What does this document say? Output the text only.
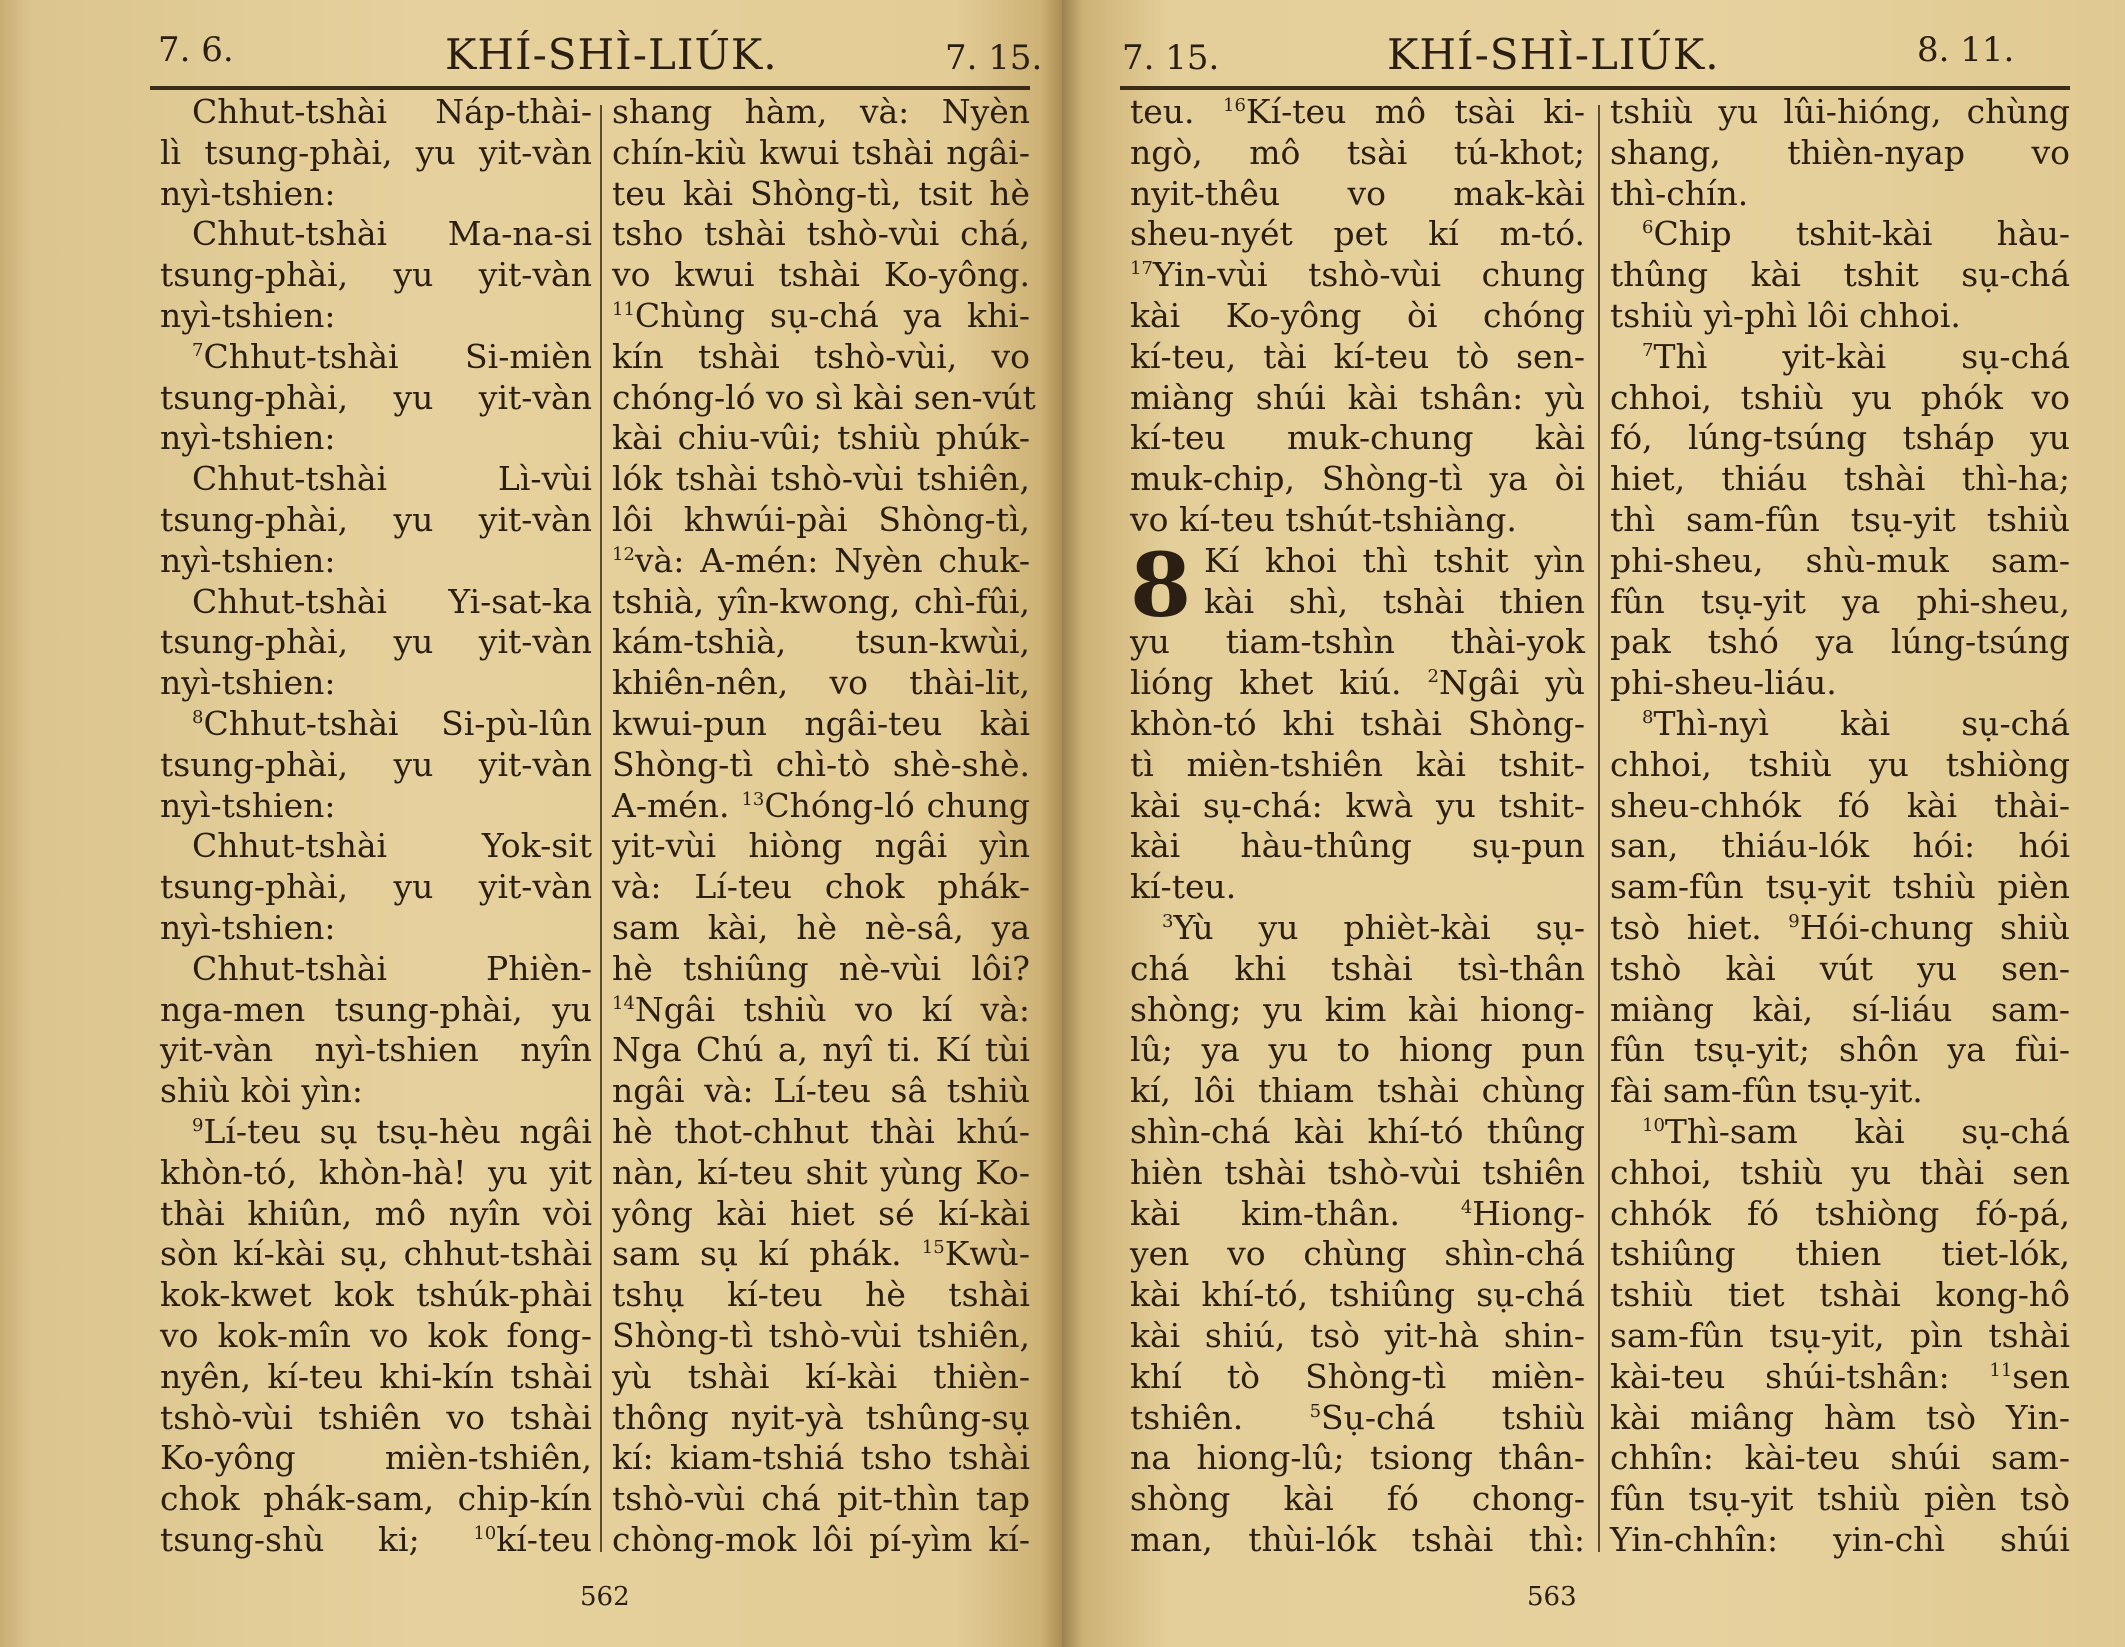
7. 6.	KHÍ-SHÌ-LIÚK.	7. 15.
Chhut-tshài Náp-thài-
lì tsung-phài, yu yit-vàn
nyì-tshien:
Chhut-tshài Ma-na-si
tsung-phài, yu yit-vàn
nyì-tshien:
$^7$Chhut-tshài Si-mièn
tsung-phài, yu yit-vàn
nyì-tshien:
Chhut-tshài Lì-vùi
tsung-phài, yu yit-vàn
nyì-tshien:
Chhut-tshài Yi-sat-ka
tsung-phài, yu yit-vàn
nyì-tshien:
$^8$Chhut-tshài Si-pù-lûn
tsung-phài, yu yit-vàn
nyì-tshien:
Chhut-tshài Yok-sit
tsung-phài, yu yit-vàn
nyì-tshien:
Chhut-tshài Phièn-
nga-men tsung-phài, yu
yit-vàn nyì-tshien nyîn
shiù kòi yìn:
$^9$Lí-teu sụ tsụ-hèu ngâi
khòn-tó, khòn-hà! yu yit
thài khiûn, mô nyîn vòi
sòn kí-kài sụ, chhut-tshài
kok-kwet kok tshúk-phài
vo kok-mîn vo kok fong-
nyên, kí-teu khi-kín tshài
tshò-vùi tshiên vo tshài
Ko-yông mièn-tshiên,
chok phák-sam, chip-kín
tsung-shù ki;	$^{10}$kí-teu
shang hàm, và: Nyèn
chín-kiù kwui tshài ngâi-
teu kài Shòng-tì, tsit hè
tsho tshài tshò-vùi chá,
vo kwui tshài Ko-yông.
$^{11}$Chùng sụ-chá ya khi-
kín tshài tshò-vùi, vo
chóng-ló vo sì kài sen-vút
kài chiu-vûi; tshiù phúk-
lók tshài tshò-vùi tshiên,
lôi khwúi-pài Shòng-tì,
$^{12}$và: A-mén: Nyèn chuk-
tshià, yîn-kwong, chì-fûi,
kám-tshià, tsun-kwùi,
khiên-nên, vo thài-lit,
kwui-pun ngâi-teu kài
Shòng-tì chì-tò shè-shè.
A-mén. $^{13}$Chóng-ló chung
yit-vùi hiòng ngâi yìn
và: Lí-teu chok phák-
sam kài, hè nè-sâ, ya
hè tshiûng nè-vùi lôi?
$^{14}$Ngâi tshiù vo kí và:
Nga Chú a, nyî ti. Kí tùi
ngâi và: Lí-teu sâ tshiù
hè thot-chhut thài khú-
nàn, kí-teu shit yùng Ko-
yông kài hiet sé kí-kài
sam sụ kí phák. $^{15}$Kwù-
tshụ kí-teu hè tshài
Shòng-tì tshò-vùi tshiên,
yù tshài kí-kài thièn-
thông nyit-yà tshûng-sụ
kí: kiam-tshiá tsho tshài
tshò-vùi chá pit-thìn tap
chòng-mok lôi pí-yìm kí-
562
7. 15.	KHÍ-SHÌ-LIÚK.	8. 11.
teu. $^{16}$Kí-teu mô tsài ki-
ngò, mô tsài tú-khot;
nyit-thêu vo mak-kài
sheu-nyét pet kí m-tó.
$^{17}$Yin-vùi tshò-vùi chung
kài Ko-yông òi chóng
kí-teu, tài kí-teu tò sen-
miàng shúi kài tshân: yù
kí-teu muk-chung kài
muk-chip, Shòng-tì ya òi
vo kí-teu tshút-tshiàng.
8 Kí khoi thì tshit yìn
kài shì, tshài thien
yu tiam-tshìn thài-yok
lióng khet kiú. $^2$Ngâi yù
khòn-tó khi tshài Shòng-
tì mièn-tshiên kài tshit-
kài sụ-chá: kwà yu tshit-
kài hàu-thûng sụ-pun
kí-teu.
$^3$Yù yu phièt-kài sụ-
chá khi tshài tsì-thân
shòng; yu kim kài hiong-
lû; ya yu to hiong pun
kí, lôi thiam tshài chùng
shìn-chá kài khí-tó thûng
hièn tshài tshò-vùi tshiên
kài kim-thân.	$^4$Hiong-
yen vo chùng shìn-chá
kài khí-tó, tshiûng sụ-chá
kài shiú, tsò yit-hà shin-
khí tò Shòng-tì mièn-
tshiên.	$^5$Sụ-chá tshiù
na hiong-lû; tsiong thân-
shòng kài fó chong-
man, thùi-lók tshài thì:
tshiù yu lûi-hióng, chùng
shang, thièn-nyap vo
thì-chín.
$^6$Chip tshit-kài hàu-
thûng kài tshit sụ-chá
tshiù yì-phì lôi chhoi.
$^7$Thì yit-kài sụ-chá
chhoi, tshiù yu phók vo
fó, lúng-tsúng tsháp yu
hiet, thiáu tshài thì-ha;
thì sam-fûn tsụ-yit tshiù
phi-sheu, shù-muk sam-
fûn tsụ-yit ya phi-sheu,
pak tshó ya lúng-tsúng
phi-sheu-liáu.
$^8$Thì-nyì kài sụ-chá
chhoi, tshiù yu tshiòng
sheu-chhók fó kài thài-
san, thiáu-lók hói: hói
sam-fûn tsụ-yit tshiù pièn
tsò hiet. $^9$Hói-chung shiù
tshò kài vút yu sen-
miàng kài, sí-liáu sam-
fûn tsụ-yit; shôn ya fùi-
fài sam-fûn tsụ-yit.
$^{10}$Thì-sam kài sụ-chá
chhoi, tshiù yu thài sen
chhók fó tshiòng fó-pá,
tshiûng thien tiet-lók,
tshiù tiet tshài kong-hô
sam-fûn tsụ-yit, pìn tshài
kài-teu shúi-tshân: $^{11}$sen
kài miâng hàm tsò Yin-
chhîn: kài-teu shúi sam-
fûn tsụ-yit tshiù pièn tsò
Yin-chhîn: yin-chì shúi
563
